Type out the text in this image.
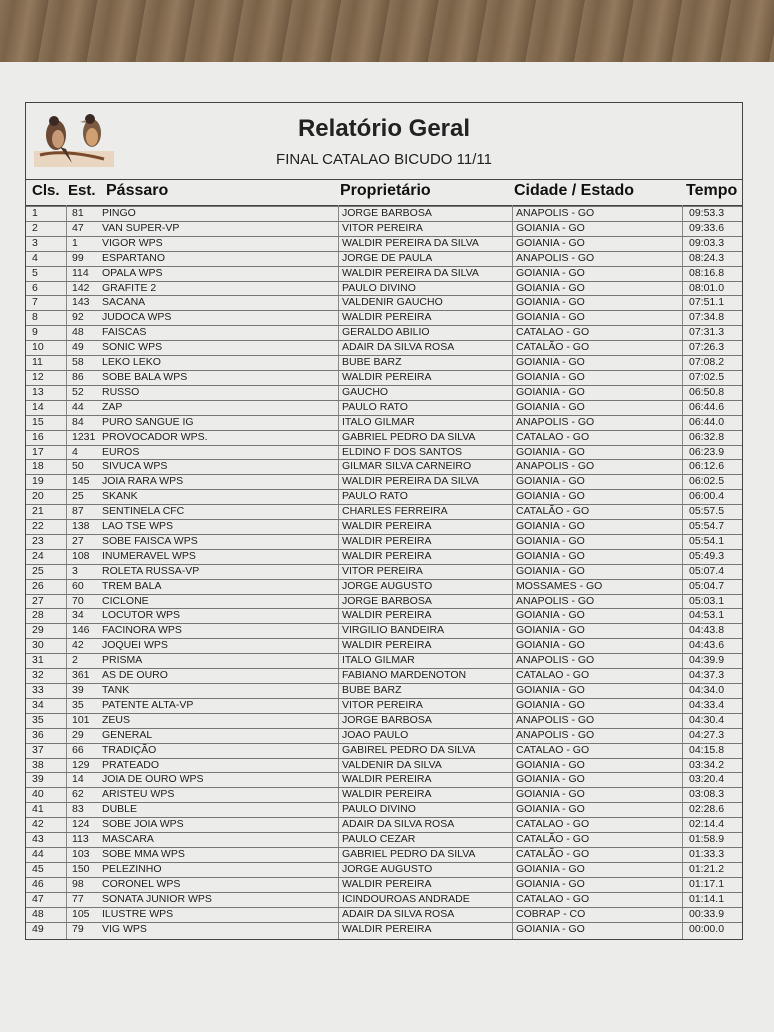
Relatório Geral
FINAL CATALAO BICUDO 11/11
Cls. Est. Pássaro	Proprietário	Cidade / Estado	Tempo
1	81 PINGO	JORGE BARBOSA	ANAPOLIS - GO	09:53.3
2	47 VAN SUPER-VP	VITOR PEREIRA	GOIANIA - GO	09:33.6
3	1 VIGOR WPS	WALDIR PEREIRA DA SILVA	GOIANIA - GO	09:03.3
4	99 ESPARTANO	JORGE DE PAULA	ANAPOLIS - GO	08:24.3
5	114 OPALA WPS	WALDIR PEREIRA DA SILVA	GOIANIA - GO	08:16.8
6	142 GRAFITE 2	PAULO DIVINO	GOIANIA - GO	08:01.0
7	143 SACANA	VALDENIR GAUCHO	GOIANIA - GO	07:51.1
8	92 JUDOCA WPS	WALDIR PEREIRA	GOIANIA - GO	07:34.8
9	48 FAISCAS	GERALDO ABILIO	CATALAO - GO	07:31.3
10	49 SONIC WPS	ADAIR DA SILVA ROSA	CATALÃO - GO	07:26.3
11	58 LEKO LEKO	BUBE BARZ	GOIANIA - GO	07:08.2
12	86 SOBE BALA WPS	WALDIR PEREIRA	GOIANIA - GO	07:02.5
13	52 RUSSO	GAUCHO	GOIANIA - GO	06:50.8
14	44 ZAP	PAULO RATO	GOIANIA - GO	06:44.6
15	84 PURO SANGUE IG	ITALO GILMAR	ANAPOLIS - GO	06:44.0
16	1231 PROVOCADOR WPS.	GABRIEL PEDRO DA SILVA	CATALAO - GO	06:32.8
17	4 EUROS	ELDINO F DOS SANTOS	GOIANIA - GO	06:23.9
18	50 SIVUCA WPS	GILMAR SILVA CARNEIRO	ANAPOLIS - GO	06:12.6
19	145 JOIA RARA WPS	WALDIR PEREIRA DA SILVA	GOIANIA - GO	06:02.5
20	25 SKANK	PAULO RATO	GOIANIA - GO	06:00.4
21	87 SENTINELA CFC	CHARLES FERREIRA	CATALÃO - GO	05:57.5
22	138 LAO TSE WPS	WALDIR PEREIRA	GOIANIA - GO	05:54.7
23	27 SOBE FAISCA WPS	WALDIR PEREIRA	GOIANIA - GO	05:54.1
24	108 INUMERAVEL WPS	WALDIR PEREIRA	GOIANIA - GO	05:49.3
25	3 ROLETA RUSSA-VP	VITOR PEREIRA	GOIANIA - GO	05:07.4
26	60 TREM BALA	JORGE AUGUSTO	MOSSAMES - GO	05:04.7
27	70 CICLONE	JORGE BARBOSA	ANAPOLIS - GO	05:03.1
28	34 LOCUTOR WPS	WALDIR PEREIRA	GOIANIA - GO	04:53.1
29	146 FACINORA WPS	VIRGILIO BANDEIRA	GOIANIA - GO	04:43.8
30	42 JOQUEI WPS	WALDIR PEREIRA	GOIANIA - GO	04:43.6
31	2 PRISMA	ITALO GILMAR	ANAPOLIS - GO	04:39.9
32	361 AS DE OURO	FABIANO MARDENOTON	CATALAO - GO	04:37.3
33	39 TANK	BUBE BARZ	GOIANIA - GO	04:34.0
34	35 PATENTE ALTA-VP	VITOR PEREIRA	GOIANIA - GO	04:33.4
35	101 ZEUS	JORGE BARBOSA	ANAPOLIS - GO	04:30.4
36	29 GENERAL	JOAO PAULO	ANAPOLIS - GO	04:27.3
37	66 TRADIÇÃO	GABIREL PEDRO DA SILVA	CATALAO - GO	04:15.8
38	129 PRATEADO	VALDENIR DA SILVA	GOIANIA - GO	03:34.2
39	14 JOIA DE OURO WPS	WALDIR PEREIRA	GOIANIA - GO	03:20.4
40	62 ARISTEU WPS	WALDIR PEREIRA	GOIANIA - GO	03:08.3
41	83 DUBLE	PAULO DIVINO	GOIANIA - GO	02:28.6
42	124 SOBE JOIA WPS	ADAIR DA SILVA ROSA	CATALAO - GO	02:14.4
43	113 MASCARA	PAULO CEZAR	CATALÃO - GO	01:58.9
44	103 SOBE MMA WPS	GABRIEL PEDRO DA SILVA	CATALÃO - GO	01:33.3
45	150 PELEZINHO	JORGE AUGUSTO	GOIANIA - GO	01:21.2
46	98 CORONEL WPS	WALDIR PEREIRA	GOIANIA - GO	01:17.1
47	77 SONATA JUNIOR WPS	ICINDOUROAS ANDRADE	CATALAO - GO	01:14.1
48	105 ILUSTRE WPS	ADAIR DA SILVA ROSA	COBRAP - CO	00:33.9
49	79 VIG WPS	WALDIR PEREIRA	GOIANIA - GO	00:00.0
